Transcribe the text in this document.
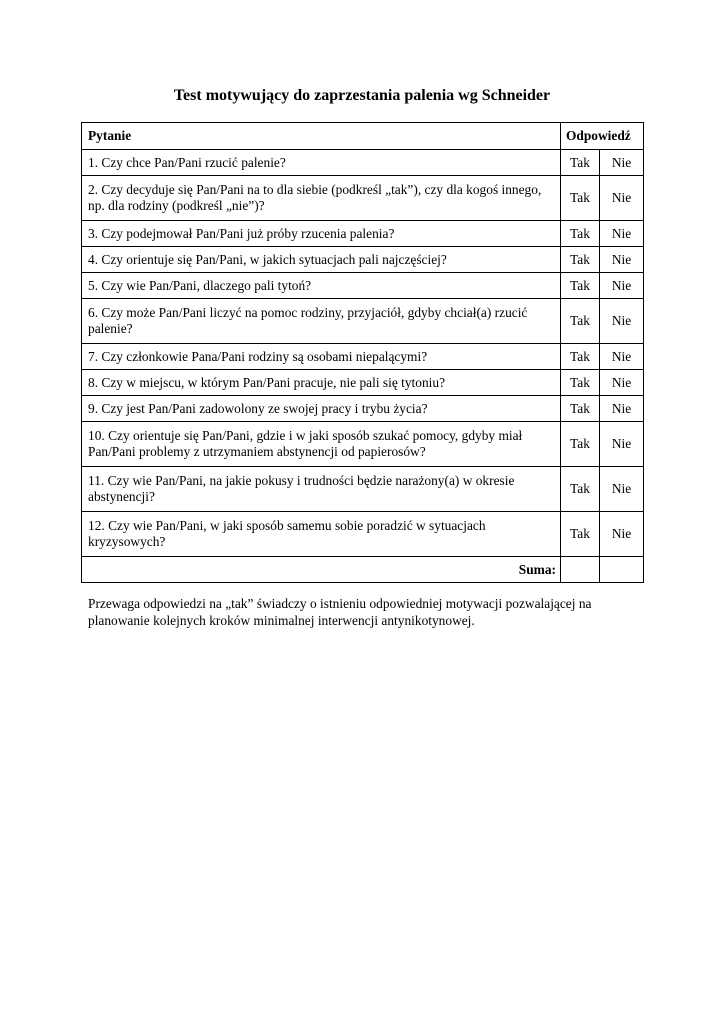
Test motywujący do zaprzestania palenia wg Schneider
Pytanie	Odpowiedź	
1. Czy chce Pan/Pani rzucić palenie?	Tak	Nie
2. Czy decyduje się Pan/Pani na to dla siebie (podkreśl „tak”), czy dla kogoś innego, np. dla rodziny (podkreśl „nie”)?	Tak	Nie
3. Czy podejmował Pan/Pani już próby rzucenia palenia?	Tak	Nie
4. Czy orientuje się Pan/Pani, w jakich sytuacjach pali najczęściej?	Tak	Nie
5. Czy wie Pan/Pani, dlaczego pali tytoń?	Tak	Nie
6. Czy może Pan/Pani liczyć na pomoc rodziny, przyjaciół, gdyby chciał(a) rzucić palenie?	Tak	Nie
7. Czy członkowie Pana/Pani rodziny są osobami niepalącymi?	Tak	Nie
8. Czy w miejscu, w którym Pan/Pani pracuje, nie pali się tytoniu?	Tak	Nie
9. Czy jest Pan/Pani zadowolony ze swojej pracy i trybu życia?	Tak	Nie
10. Czy orientuje się Pan/Pani, gdzie i w jaki sposób szukać pomocy, gdyby miał Pan/Pani problemy z utrzymaniem abstynencji od papierosów?	Tak	Nie
11. Czy wie Pan/Pani, na jakie pokusy i trudności będzie narażony(a) w okresie abstynencji?	Tak	Nie
12. Czy wie Pan/Pani, w jaki sposób samemu sobie poradzić w sytuacjach kryzysowych?	Tak	Nie
Suma:		
Przewaga odpowiedzi na „tak” świadczy o istnieniu odpowiedniej motywacji pozwalającej na planowanie kolejnych kroków minimalnej interwencji antynikotynowej.
